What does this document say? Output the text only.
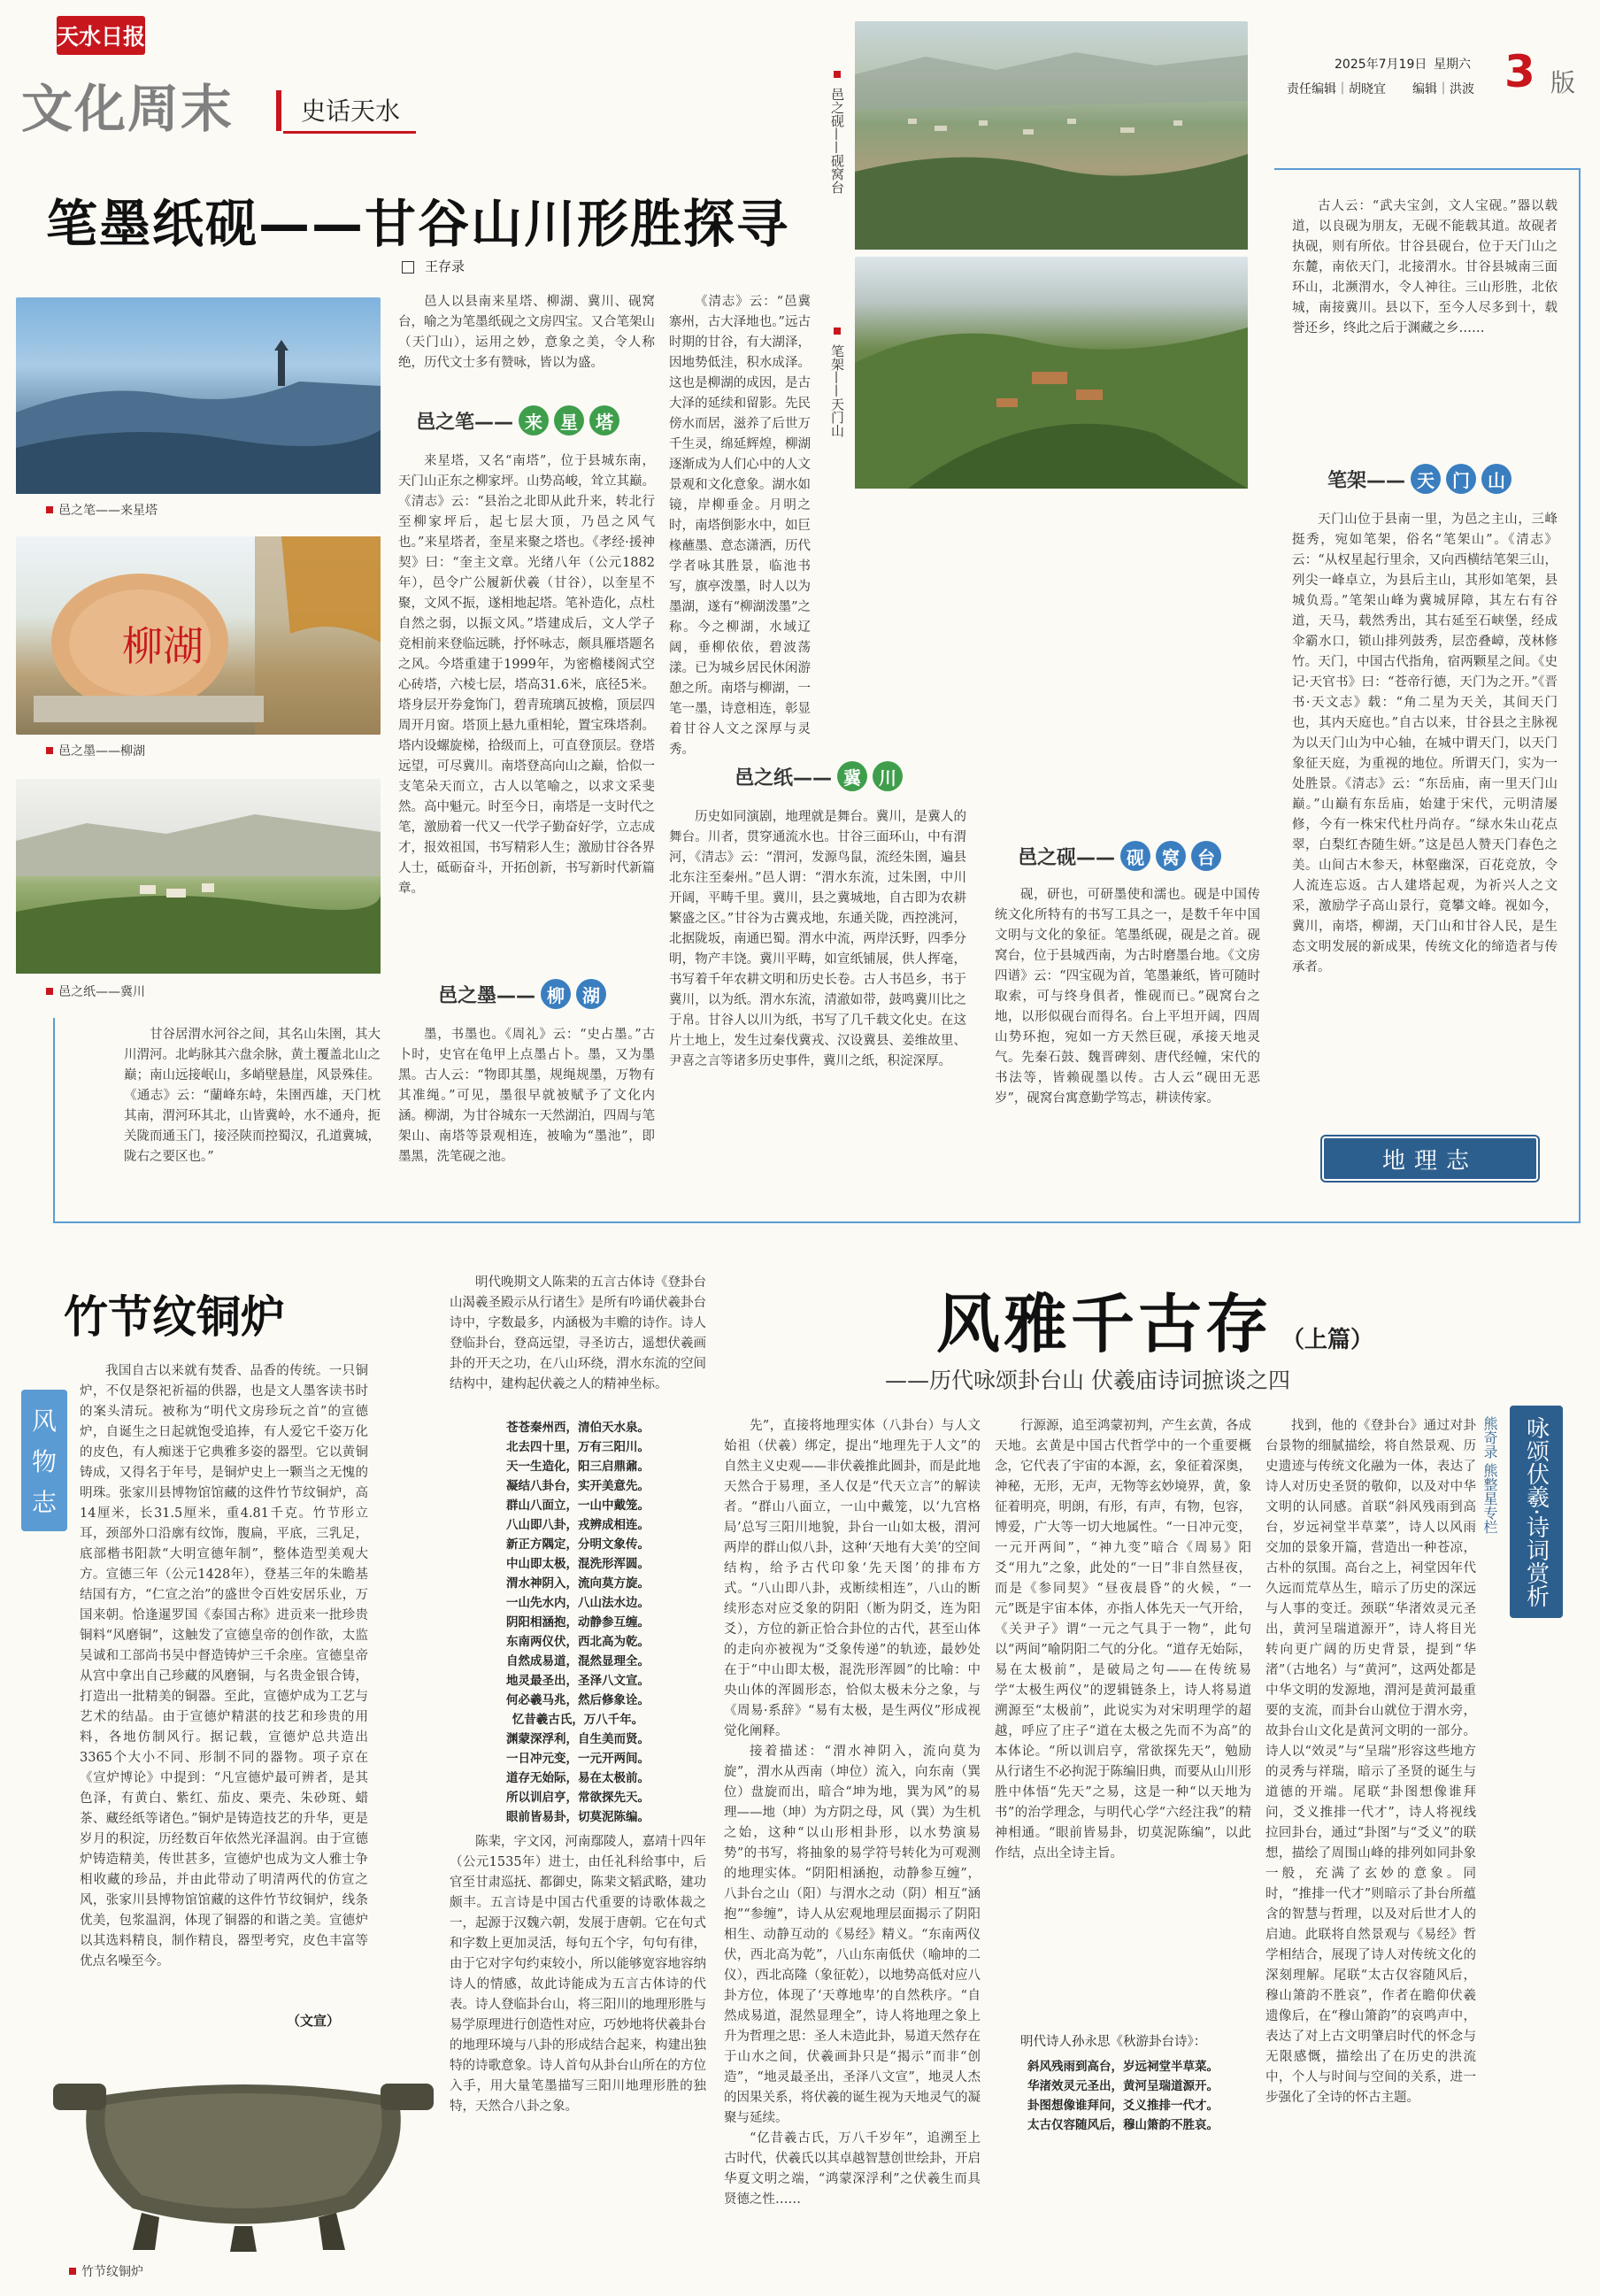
天水日报
文化周末	史话天水
2025年7月19日 星期六
责任编辑｜胡晓宜 编辑｜洪波 3 版
笔墨纸砚——甘谷山川形胜探寻
王存录
邑之砚——砚窝台
笔架——天门山
邑之笔——来星塔
柳湖
邑之墨——柳湖
邑之纸——冀川

邑人以县南来星塔、柳湖、冀川、砚窝台，喻之为笔墨纸砚之文房四宝。又合笔架山（天门山），运用之妙，意象之美，令人称绝，历代文士多有赞咏，皆以为盛。

邑之笔—— 来	星	塔

来星塔，又名“南塔”，位于县城东南，天门山正东之柳家坪。山势高峻，耸立其巅。《清志》云：“县治之北即从此升来，转北行至柳家坪后，起七层大顶，乃邑之风气也。”来星塔者，奎星来聚之塔也。《孝经·援神契》曰：“奎主文章。光绪八年（公元1882年），邑令广公履新伏羲（甘谷），以奎星不聚，文风不振，遂相地起塔。笔补造化，点杜自然之弱，以振文风。”塔建成后，文人学子竞相前来登临远眺，抒怀咏志，颇具雁塔题名之风。今塔重建于1999年，为密檐楼阁式空心砖塔，六棱七层，塔高31.6米，底径5米。塔身层开券龛饰门，碧青琉璃瓦披檐，顶层四周开月窗。塔顶上悬九重相轮，置宝珠塔刹。塔内设螺旋梯，拾级而上，可直登顶层。登塔远望，可尽冀川。南塔登高向山之巅，恰似一支笔朵天而立，古人以笔喻之，以求文采斐然。高中魁元。时至今日，南塔是一支时代之笔，激励着一代又一代学子勤奋好学，立志成才，报效祖国，书写精彩人生；激励甘谷各界人士，砥砺奋斗，开拓创新，书写新时代新篇章。

邑之墨—— 柳	湖

墨，书墨也。《周礼》云：“史占墨。”古卜时，史官在龟甲上点墨占卜。墨，又为墨黑。古人云：“物即其墨，规绳规墨，万物有其准绳。”可见，墨很早就被赋予了文化内涵。柳湖，为甘谷城东一天然湖泊，四周与笔架山、南塔等景观相连，被喻为“墨池”，即墨黑，洗笔砚之池。

《清志》云：“邑冀寨州，古大泽地也。”远古时期的甘谷，有大湖泽，因地势低洼，积水成泽。这也是柳湖的成因，是古大泽的延续和留影。先民傍水而居，滋养了后世万千生灵，绵延辉煌，柳湖逐渐成为人们心中的人文景观和文化意象。湖水如镜，岸柳垂金。月明之时，南塔倒影水中，如巨椽蘸墨、意态潇洒，历代学者咏其胜景，临池书写，旗亭泼墨，时人以为墨湖，遂有“柳湖泼墨”之称。今之柳湖，水域辽阔，垂柳依依，碧波荡漾。已为城乡居民休闲游憩之所。南塔与柳湖，一笔一墨，诗意相连，彰显着甘谷人文之深厚与灵秀。

邑之纸—— 冀	川

历史如同演剧，地理就是舞台。冀川，是冀人的舞台。川者，贯穿通流水也。甘谷三面环山，中有渭河，《清志》云：“渭河，发源鸟鼠，流经朱圉，遍县北东注至秦州。”邑人谓：“渭水东流，过朱圉，中川开阔，平畴千里。冀川，县之冀城地，自古即为农耕繁盛之区。”甘谷为古冀戎地，东通关陇，西控洮河，北据陇坂，南通巴蜀。渭水中流，两岸沃野，四季分明，物产丰饶。冀川平畴，如宣纸铺展，供人挥毫，书写着千年农耕文明和历史长卷。古人书邑乡，书于冀川，以为纸。渭水东流，清澈如带，鼓鸣冀川比之于帛。甘谷人以川为纸，书写了几千载文化史。在这片土地上，发生过秦伐冀戎、汉设冀县、姜维故里、尹喜之言等诸多历史事件，冀川之纸，积淀深厚。

邑之砚—— 砚	窝	台

砚，研也，可研墨使和濡也。砚是中国传统文化所特有的书写工具之一，是数千年中国文明与文化的象征。笔墨纸砚，砚是之首。砚窝台，位于县城西南，为古时磨墨台地。《文房四谱》云：“四宝砚为首，笔墨兼纸，皆可随时取索，可与终身俱者，惟砚而已。”砚窝台之地，以形似砚台而得名。台上平坦开阔，四周山势环抱，宛如一方天然巨砚，承接天地灵气。先秦石鼓、魏晋碑刻、唐代经幢，宋代的书法等，皆赖砚墨以传。古人云“砚田无恶岁”，砚窝台寓意勤学笃志，耕读传家。

古人云：“武夫宝剑，文人宝砚。”器以载道，以良砚为朋友，无砚不能载其道。故砚者执砚，则有所依。甘谷县砚台，位于天门山之东麓，南依天门，北接渭水。甘谷县城南三面环山，北濒渭水，令人神往。三山形胜，北依城，南接冀川。县以下，至今人尽多到十，载誉还乡，终此之后于渊藏之乡……

笔架—— 天	门	山

天门山位于县南一里，为邑之主山，三峰挺秀，宛如笔架，俗名“笔架山”。《清志》云：“从权星起行里余，又向西横结笔架三山，列尖一峰卓立，为县后主山，其形如笔架，县城负焉。”笔架山峰为冀城屏障，其左右有谷道，天马，载然秀出，其右延至石峡堡，经成伞霸水口，锁山排列鼓秀，层峦叠嶂，茂林修竹。天门，中国古代指角，宿两颗星之间。《史记·天官书》曰：“苍帝行德，天门为之开。”《晋书·天文志》载：“角二星为天关，其间天门也，其内天庭也。”自古以来，甘谷县之主脉视为以天门山为中心轴，在城中谓天门，以天门象征天庭，为重视的地位。所谓天门，实为一处胜景。《清志》云：“东岳庙，南一里天门山巅。”山巅有东岳庙，始建于宋代，元明清屡修，今有一株宋代杜丹尚存。“绿水朱山花点翠，白梨红杏随生妍。”这是邑人赞天门春色之美。山间古木参天，林壑幽深，百花竞放，令人流连忘返。古人建塔起观，为祈兴人之文采，激励学子高山景行，竟攀文峰。视如今，冀川，南塔，柳湖，天门山和甘谷人民，是生态文明发展的新成果，传统文化的缔造者与传承者。

地理志

甘谷居渭水河谷之间，其名山朱圉，其大川渭河。北屿脉其六盘余脉，黄土覆盖北山之巅；南山远接岷山，多峭壁悬崖，风景殊佳。《通志》云：“蘭峰东峙，朱圉西雄，天门枕其南，渭河环其北，山皆冀岭，水不通舟，扼关陇而通玉门，接泾陕而控蜀汉，孔道冀城，陇右之要区也。”

竹节纹铜炉
风
物
志

我国自古以来就有焚香、品香的传统。一只铜炉，不仅是祭祀祈福的供器，也是文人墨客读书时的案头清玩。被称为“明代文房珍玩之首”的宣德炉，自诞生之日起就饱受追捧，有人爱它千姿万化的皮色，有人痴迷于它典雅多姿的器型。它以黄铜铸成，又得名于年号，是铜炉史上一颗当之无愧的明珠。张家川县博物馆馆藏的这件竹节纹铜炉，高14厘米，长31.5厘米，重4.81千克。竹节形立耳，颈部外口沿廓有纹饰，腹扁，平底，三乳足，底部楷书阳款“大明宣德年制”，整体造型美观大方。宣德三年（公元1428年），登基三年的朱瞻基结国有方，“仁宣之治”的盛世令百姓安居乐业，万国来朝。恰逢暹罗国《泰国古称》进贡来一批珍贵铜料“风磨铜”，这触发了宣德皇帝的创作欲，太监吴诚和工部尚书吴中督造铸炉三千余座。宣德皇帝从宫中拿出自己珍藏的风磨铜，与名贵金银合铸，打造出一批精美的铜器。至此，宣德炉成为工艺与艺术的结晶。由于宣德炉精湛的技艺和珍贵的用料，各地仿制风行。据记载，宣德炉总共造出3365个大小不同、形制不同的器物。项子京在《宣炉博论》中提到：“凡宣德炉最可辨者，是其色泽，有黄白、紫红、茄皮、栗壳、朱砂斑、蜡茶、藏经纸等诸色。”铜炉是铸造技艺的升华，更是岁月的积淀，历经数百年依然光泽温润。由于宣德炉铸造精美，传世甚多，宣德炉也成为文人雅士争相收藏的珍品，并由此带动了明清两代的仿宣之风，张家川县博物馆馆藏的这件竹节纹铜炉，线条优美，包浆温润，体现了铜器的和谐之美。宣德炉以其选料精良，制作精良，器型考究，皮色丰富等优点名噪至今。

（文宣）
竹节纹铜炉

明代晚期文人陈棐的五言古体诗《登卦台山渴羲圣殿示从行诸生》是所有吟诵伏羲卦台诗中，字数最多，内涵极为丰赡的诗作。诗人登临卦台，登高远望，寻圣访古，遥想伏羲画卦的开天之功，在八山环绕，渭水东流的空间结构中，建构起伏羲之人的精神坐标。

苍苍秦州西，清伯天水泉。
北去四十里，万有三阳川。
天一生造化，阳三启鼎鼐。
凝结八卦台，实开美意先。
群山八面立，一山中戴笼。
八山即八卦，戎辨成相连。
新正方隅定，分明文象传。
中山即太极，混洗形浑圆。
渭水神阴入，流向莫方旋。
一山先水内，八山法水边。
阴阳相涵抱，动静参互缠。
东南两仪伏，西北高为乾。
自然成易道，混然显理全。
地灵最圣出，圣泽八文宣。
何必羲马兆，然后修象诠。
忆昔羲古氏，万八千年。
渊蒙深浮利，自生美而贤。
一日冲元变，一元开两间。
道存无始际，易在太极前。
所以训启亨，常欲探先天。
眼前皆易卦，切莫泥陈编。

陈棐，字文冈，河南鄢陵人，嘉靖十四年（公元1535年）进士，由任礼科给事中，后官至甘肃巡抚、都御史，陈棐文韬武略，建功颇丰。五言诗是中国古代重要的诗歌体裁之一，起源于汉魏六朝，发展于唐朝。它在句式和字数上更加灵活，每句五个字，句句有律，由于它对字句约束较小，所以能够宽容地容纳诗人的情感，故此诗能成为五言古体诗的代表。诗人登临卦台山，将三阳川的地理形胜与易学原理进行创造性对应，巧妙地将伏羲卦台的地理环境与八卦的形成结合起来，构建出独特的诗歌意象。诗人首句从卦台山所在的方位入手，用大量笔墨描写三阳川地理形胜的独特，天然合八卦之象。

风雅千古存 （上篇）
——历代咏颂卦台山 伏羲庙诗词摭谈之四
咏颂伏羲·诗词赏析
熊奇录 熊整星专栏

先”，直接将地理实体（八卦台）与人文始祖（伏羲）绑定，提出“地理先于人文”的自然主义史观——非伏羲推此圆卦，而是此地天然合于易理，圣人仅是“代天立言”的解读者。“群山八面立，一山中戴笼，以‘九宫格局’总写三阳川地貌，卦台一山如太极，渭河两岸的群山似八卦，这种‘天地有大美’的空间结构，给予古代印象‘先天图’的排布方式。“八山即八卦，戎断续相连”，八山的断续形态对应爻象的阴阳（断为阴爻，连为阳爻），方位的新正恰合卦位的古代，甚至山体的走向亦被视为“爻象传递”的轨迹，最妙处在于“中山即太极，混洗形浑圆”的比喻：中央山体的浑圆形态，恰似太极未分之象，与《周易·系辞》“易有太极，是生两仪”形成视觉化阐释。

接着描述：“渭水神阴入，流向莫为旋”，渭水从西南（坤位）流入，向东南（巽位）盘旋而出，暗合“坤为地，巽为风”的易理——地（坤）为方阴之母，风（巽）为生机之始，这种“以山形相卦形，以水势演易势”的书写，将抽象的易学符号转化为可观测的地理实体。“阴阳相涵抱，动静参互缠”，八卦台之山（阳）与渭水之动（阴）相互“涵抱”“参缠”，诗人从宏观地理层面揭示了阴阳相生、动静互动的《易经》精义。“东南两仪伏，西北高为乾”，八山东南低伏（喻坤的二仪），西北高隆（象征乾），以地势高低对应八卦方位，体现了‘天尊地卑’的自然秩序。“自然成易道，混然显理全”，诗人将地理之象上升为哲理之思：圣人未造此卦，易道天然存在于山水之间，伏羲画卦只是“揭示”而非“创造”，“地灵最圣出，圣泽八文宣”，地灵人杰的因果关系，将伏羲的诞生视为天地灵气的凝聚与延续。

“亿昔羲古氏，万八千岁年”，追溯至上古时代，伏羲氏以其卓越智慧创世绘卦，开启华夏文明之端，“鸿蒙深浮利”之伏羲生而具贤德之性……

行源源，追至鸿蒙初判，产生玄黄，各成天地。玄黄是中国古代哲学中的一个重要概念，它代表了宇宙的本源，玄，象征着深奥，神秘，无形，无声，无物等玄妙境界，黄，象征着明亮，明朗，有形，有声，有物，包容，博爱，广大等一切大地属性。“一日冲元变，一元开两间”，“神九变”暗合《周易》阳爻“用九”之象，此处的“一日”非自然昼夜，而是《参同契》“昼夜晨昏”的火候，“一元”既是宇宙本体，亦指人体先天一气开给，《关尹子》谓“一元之气具于一物”，此句以“两间”喻阴阳二气的分化。“道存无始际，易在太极前”，是破局之句——在传统易学“太极生两仪”的逻辑链条上，诗人将易道溯源至“太极前”，此说实为对宋明理学的超越，呼应了庄子“道在太极之先而不为高”的本体论。“所以训启亨，常欲探先天”，勉励从行诸生不必拘泥于陈编旧典，而要从山川形胜中体悟“先天”之易，这是一种“以天地为书”的治学理念，与明代心学“六经注我”的精神相通。“眼前皆易卦，切莫泥陈编”，以此作结，点出全诗主旨。

明代诗人孙永思《秋游卦台诗》：
斜风残雨到高台，岁远祠堂半草菜。
华渚效灵元圣出，黄河呈瑞道源开。
卦图想像谁拜问，爻义推排一代才。
太古仅容随风后，穆山箫韵不胜哀。

找到，他的《登卦台》通过对卦台景物的细腻描绘，将自然景观、历史遗迹与传统文化融为一体，表达了诗人对历史圣贤的敬仰，以及对中华文明的认同感。首联“斜风残雨到高台，岁远祠堂半草菜”，诗人以风雨交加的景象开篇，营造出一种苍凉，古朴的氛围。高台之上，祠堂因年代久远而荒草丛生，暗示了历史的深远与人事的变迁。颈联“华渚效灵元圣出，黄河呈瑞道源开”，诗人将目光转向更广阔的历史背景，提到“华渚”（古地名）与“黄河”，这两处都是中华文明的发源地，渭河是黄河最重要的支流，而卦台山就位于渭水旁，故卦台山文化是黄河文明的一部分。诗人以“效灵”与“呈瑞”形容这些地方的灵秀与祥瑞，暗示了圣贤的诞生与道德的开端。尾联“卦图想像谁拜问，爻义推排一代才”，诗人将视线拉回卦台，通过“卦图”与“爻义”的联想，描绘了周围山峰的排列如同卦象一般，充满了玄妙的意象。同时，“推排一代才”则暗示了卦台所蕴含的智慧与哲理，以及对后世才人的启迪。此联将自然景观与《易经》哲学相结合，展现了诗人对传统文化的深刻理解。尾联“太古仅容随风后，穆山箫韵不胜哀”，作者在瞻仰伏羲遗像后，在“穆山箫韵”的哀鸣声中，表达了对上古文明肇启时代的怀念与无限感慨，描绘出了在历史的洪流中，个人与时间与空间的关系，进一步强化了全诗的怀古主题。
